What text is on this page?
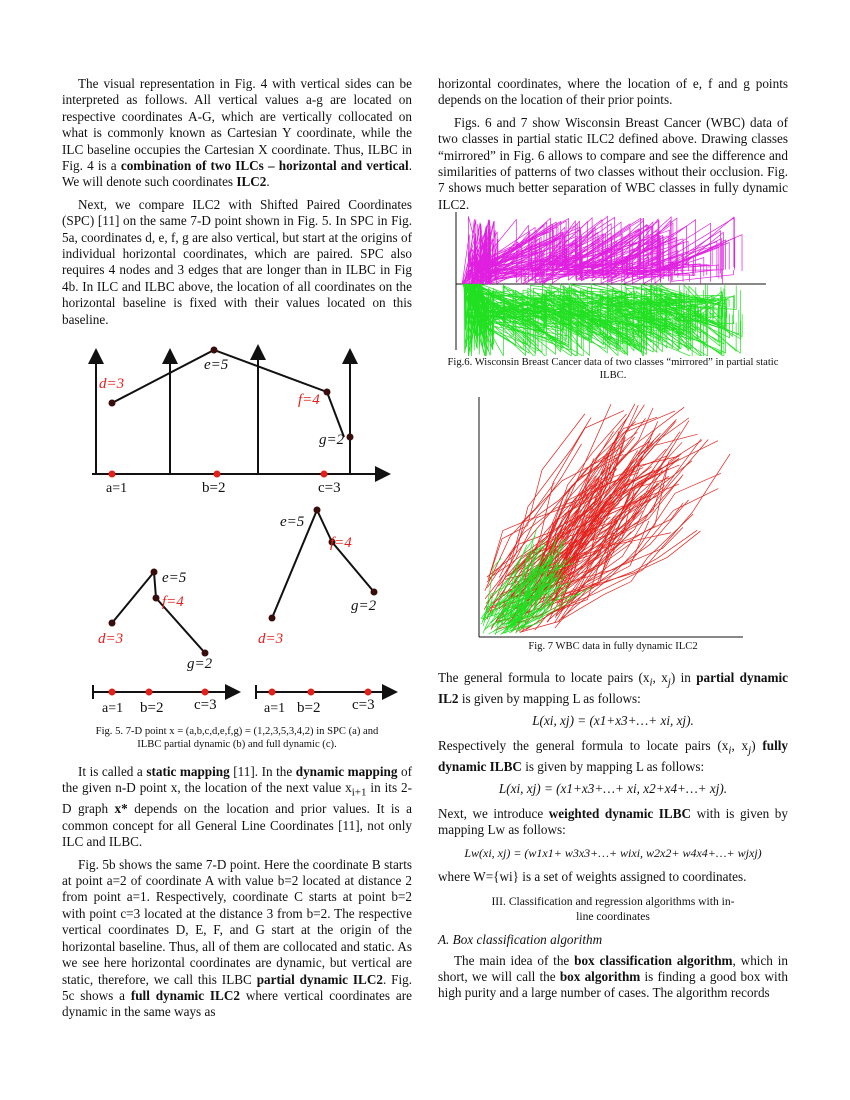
The visual representation in Fig. 4 with vertical sides can be interpreted as follows. All vertical values a-g are located on respective coordinates A-G, which are vertically collocated on what is commonly known as Cartesian Y coordinate, while the ILC baseline occupies the Cartesian X coordinate. Thus, ILBC in Fig. 4 is a combination of two ILCs – horizontal and vertical. We will denote such coordinates ILC2.

Next, we compare ILC2 with Shifted Paired Coordinates (SPC) [11] on the same 7-D point shown in Fig. 5. In SPC in Fig. 5a, coordinates d, e, f, g are also vertical, but start at the origins of individual horizontal coordinates, which are paired. SPC also requires 4 nodes and 3 edges that are longer than in ILBC in Fig 4b. In ILC and ILBC above, the location of all coordinates on the horizontal baseline is fixed with their values located on this baseline.

d=3
e=5
f=4
g=2
a=1	b=2	c=3
e=5
f=4
g=2
d=3
e=5
f=4
d=3
g=2
a=1 b=2 c=3	a=1 b=2 c=3
Fig. 5. 7-D point x = (a,b,c,d,e,f,g) = (1,2,3,5,3,4,2) in SPC (a) and
ILBC partial dynamic (b) and full dynamic (c).

It is called a static mapping [11]. In the dynamic mapping of the given n-D point x, the location of the next value $x_{i+1}$ in its 2-D graph x* depends on the location and prior values. It is a common concept for all General Line Coordinates [11], not only ILC and ILBC.

Fig. 5b shows the same 7-D point. Here the coordinate B starts at point a=2 of coordinate A with value b=2 located at distance 2 from point a=1. Respectively, coordinate C starts at point b=2 with point c=3 located at the distance 3 from b=2. The respective vertical coordinates D, E, F, and G start at the origin of the horizontal baseline. Thus, all of them are collocated and static. As we see here horizontal coordinates are dynamic, but vertical are static, therefore, we call this ILBC partial dynamic ILC2. Fig. 5c shows a full dynamic ILC2 where vertical coordinates are dynamic in the same ways as

horizontal coordinates, where the location of e, f and g points depends on the location of their prior points.

Figs. 6 and 7 show Wisconsin Breast Cancer (WBC) data of two classes in partial static ILC2 defined above. Drawing classes “mirrored” in Fig. 6 allows to compare and see the difference and similarities of patterns of two classes without their occlusion. Fig. 7 shows much better separation of WBC classes in fully dynamic ILC2.

Fig.6. Wisconsin Breast Cancer data of two classes “mirrored” in partial static
ILBC.
Fig. 7 WBC data in fully dynamic ILC2

The general formula to locate pairs ($x_i$, $x_j$) in partial dynamic IL2 is given by mapping L as follows:

L(xi, xj) = (x1+x3+…+ xi, xj).

Respectively the general formula to locate pairs ($x_i$, $x_j$) fully dynamic ILBC is given by mapping L as follows:

L(xi, xj) = (x1+x3+…+ xi, x2+x4+…+ xj).

Next, we introduce weighted dynamic ILBC with is given by mapping Lw as follows:

Lw(xi, xj) = (w1x1+ w3x3+…+ wixi, w2x2+ w4x4+…+ wjxj)

where W={wi} is a set of weights assigned to coordinates.

III. Classification and regression algorithms with in-
line coordinates
A. Box classification algorithm

The main idea of the box classification algorithm, which in short, we will call the box algorithm is finding a good box with high purity and a large number of cases. The algorithm records
